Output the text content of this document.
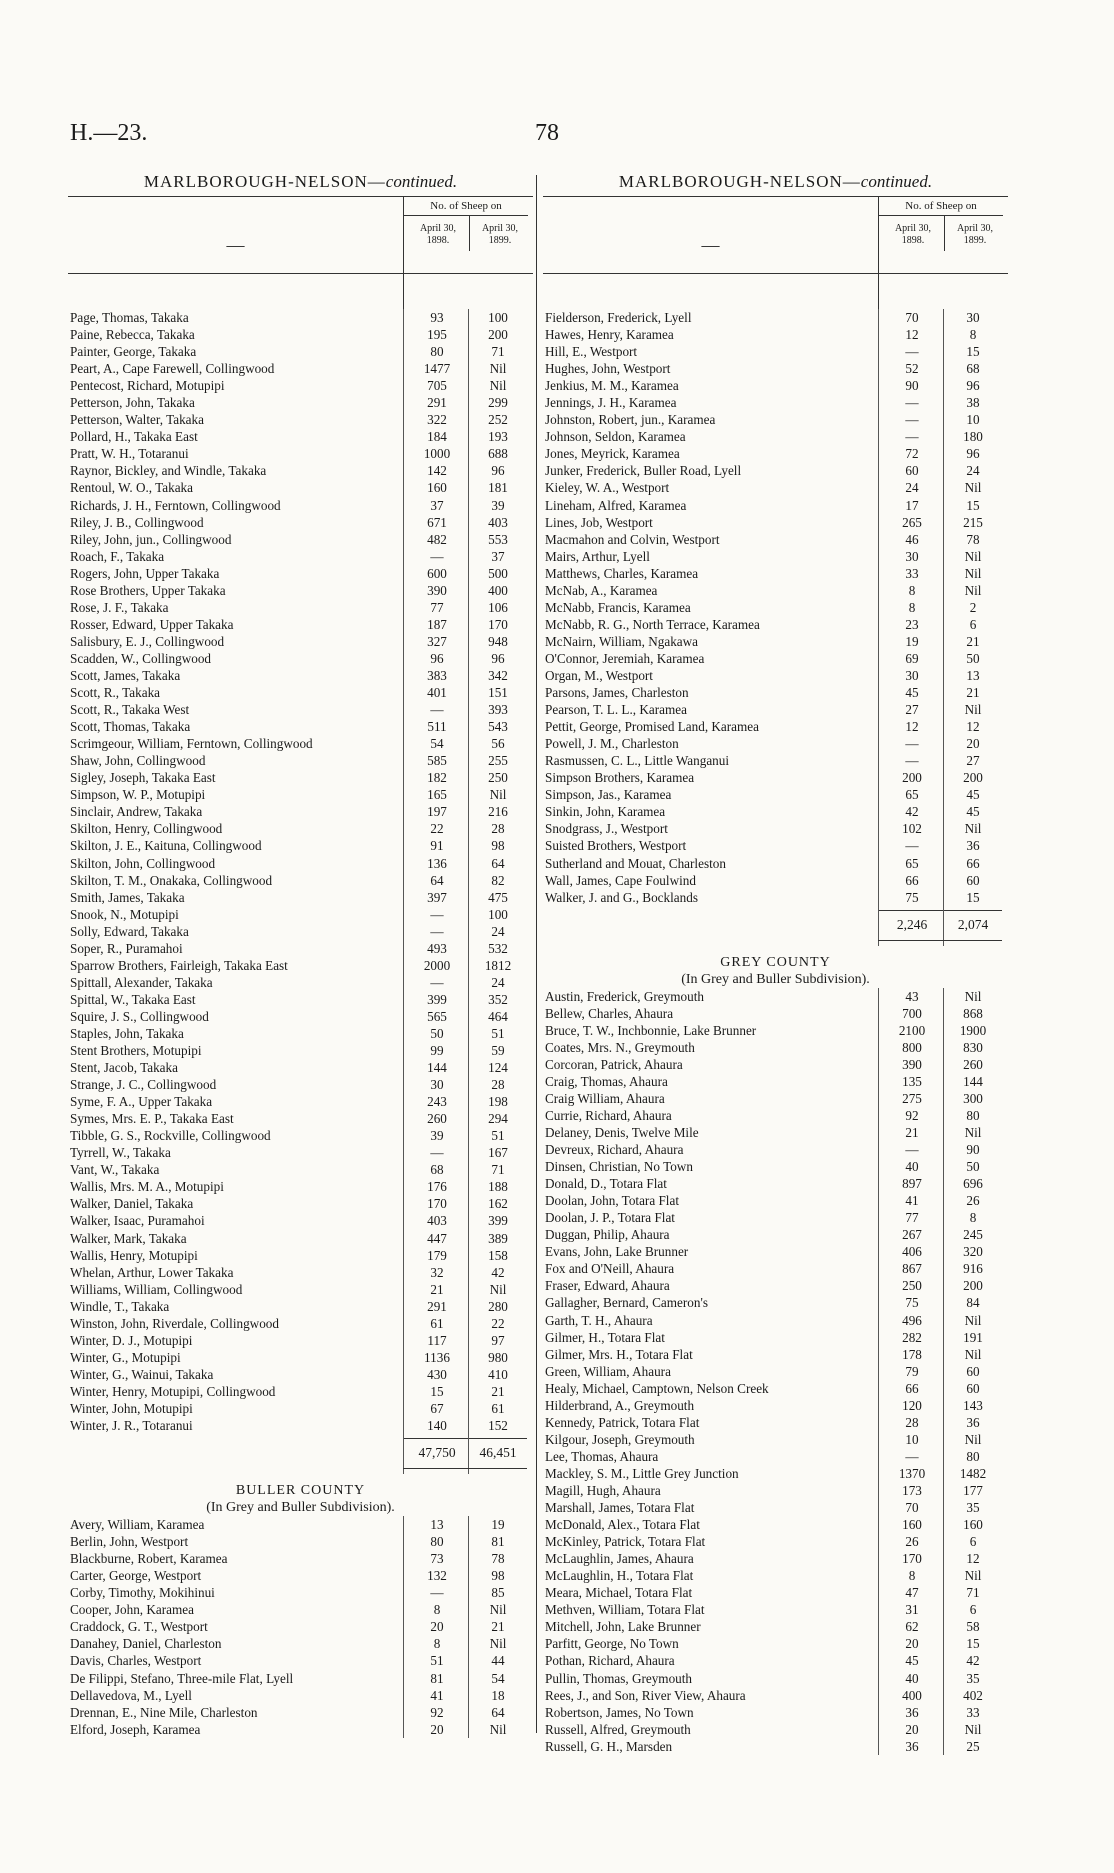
H.—23.	78
MARLBOROUGH-NELSON—continued.
—
No. of Sheep on
April 30,
1898.
April 30,
1899.
Page, Thomas, Takaka	93	100
Paine, Rebecca, Takaka	195	200
Painter, George, Takaka	80	71
Peart, A., Cape Farewell, Collingwood	1477	Nil
Pentecost, Richard, Motupipi	705	Nil
Petterson, John, Takaka	291	299
Petterson, Walter, Takaka	322	252
Pollard, H., Takaka East	184	193
Pratt, W. H., Totaranui	1000	688
Raynor, Bickley, and Windle, Takaka	142	96
Rentoul, W. O., Takaka	160	181
Richards, J. H., Ferntown, Collingwood	37	39
Riley, J. B., Collingwood	671	403
Riley, John, jun., Collingwood	482	553
Roach, F., Takaka	—	37
Rogers, John, Upper Takaka	600	500
Rose Brothers, Upper Takaka	390	400
Rose, J. F., Takaka	77	106
Rosser, Edward, Upper Takaka	187	170
Salisbury, E. J., Collingwood	327	948
Scadden, W., Collingwood	96	96
Scott, James, Takaka	383	342
Scott, R., Takaka	401	151
Scott, R., Takaka West	—	393
Scott, Thomas, Takaka	511	543
Scrimgeour, William, Ferntown, Collingwood	54	56
Shaw, John, Collingwood	585	255
Sigley, Joseph, Takaka East	182	250
Simpson, W. P., Motupipi	165	Nil
Sinclair, Andrew, Takaka	197	216
Skilton, Henry, Collingwood	22	28
Skilton, J. E., Kaituna, Collingwood	91	98
Skilton, John, Collingwood	136	64
Skilton, T. M., Onakaka, Collingwood	64	82
Smith, James, Takaka	397	475
Snook, N., Motupipi	—	100
Solly, Edward, Takaka	—	24
Soper, R., Puramahoi	493	532
Sparrow Brothers, Fairleigh, Takaka East	2000	1812
Spittall, Alexander, Takaka	—	24
Spittal, W., Takaka East	399	352
Squire, J. S., Collingwood	565	464
Staples, John, Takaka	50	51
Stent Brothers, Motupipi	99	59
Stent, Jacob, Takaka	144	124
Strange, J. C., Collingwood	30	28
Syme, F. A., Upper Takaka	243	198
Symes, Mrs. E. P., Takaka East	260	294
Tibble, G. S., Rockville, Collingwood	39	51
Tyrrell, W., Takaka	—	167
Vant, W., Takaka	68	71
Wallis, Mrs. M. A., Motupipi	176	188
Walker, Daniel, Takaka	170	162
Walker, Isaac, Puramahoi	403	399
Walker, Mark, Takaka	447	389
Wallis, Henry, Motupipi	179	158
Whelan, Arthur, Lower Takaka	32	42
Williams, William, Collingwood	21	Nil
Windle, T., Takaka	291	280
Winston, John, Riverdale, Collingwood	61	22
Winter, D. J., Motupipi	117	97
Winter, G., Motupipi	1136	980
Winter, G., Wainui, Takaka	430	410
Winter, Henry, Motupipi, Collingwood	15	21
Winter, John, Motupipi	67	61
Winter, J. R., Totaranui	140	152
47,750	46,451
BULLER COUNTY
(In Grey and Buller Subdivision).
Avery, William, Karamea	13	19
Berlin, John, Westport	80	81
Blackburne, Robert, Karamea	73	78
Carter, George, Westport	132	98
Corby, Timothy, Mokihinui	—	85
Cooper, John, Karamea	8	Nil
Craddock, G. T., Westport	20	21
Danahey, Daniel, Charleston	8	Nil
Davis, Charles, Westport	51	44
De Filippi, Stefano, Three-mile Flat, Lyell	81	54
Dellavedova, M., Lyell	41	18
Drennan, E., Nine Mile, Charleston	92	64
Elford, Joseph, Karamea	20	Nil
MARLBOROUGH-NELSON—continued.
—
No. of Sheep on
April 30,
1898.
April 30,
1899.
Fielderson, Frederick, Lyell	70	30
Hawes, Henry, Karamea	12	8
Hill, E., Westport	—	15
Hughes, John, Westport	52	68
Jenkius, M. M., Karamea	90	96
Jennings, J. H., Karamea	—	38
Johnston, Robert, jun., Karamea	—	10
Johnson, Seldon, Karamea	—	180
Jones, Meyrick, Karamea	72	96
Junker, Frederick, Buller Road, Lyell	60	24
Kieley, W. A., Westport	24	Nil
Lineham, Alfred, Karamea	17	15
Lines, Job, Westport	265	215
Macmahon and Colvin, Westport	46	78
Mairs, Arthur, Lyell	30	Nil
Matthews, Charles, Karamea	33	Nil
McNab, A., Karamea	8	Nil
McNabb, Francis, Karamea	8	2
McNabb, R. G., North Terrace, Karamea	23	6
McNairn, William, Ngakawa	19	21
O'Connor, Jeremiah, Karamea	69	50
Organ, M., Westport	30	13
Parsons, James, Charleston	45	21
Pearson, T. L. L., Karamea	27	Nil
Pettit, George, Promised Land, Karamea	12	12
Powell, J. M., Charleston	—	20
Rasmussen, C. L., Little Wanganui	—	27
Simpson Brothers, Karamea	200	200
Simpson, Jas., Karamea	65	45
Sinkin, John, Karamea	42	45
Snodgrass, J., Westport	102	Nil
Suisted Brothers, Westport	—	36
Sutherland and Mouat, Charleston	65	66
Wall, James, Cape Foulwind	66	60
Walker, J. and G., Bocklands	75	15
2,246	2,074
GREY COUNTY
(In Grey and Buller Subdivision).
Austin, Frederick, Greymouth	43	Nil
Bellew, Charles, Ahaura	700	868
Bruce, T. W., Inchbonnie, Lake Brunner	2100	1900
Coates, Mrs. N., Greymouth	800	830
Corcoran, Patrick, Ahaura	390	260
Craig, Thomas, Ahaura	135	144
Craig William, Ahaura	275	300
Currie, Richard, Ahaura	92	80
Delaney, Denis, Twelve Mile	21	Nil
Devreux, Richard, Ahaura	—	90
Dinsen, Christian, No Town	40	50
Donald, D., Totara Flat	897	696
Doolan, John, Totara Flat	41	26
Doolan, J. P., Totara Flat	77	8
Duggan, Philip, Ahaura	267	245
Evans, John, Lake Brunner	406	320
Fox and O'Neill, Ahaura	867	916
Fraser, Edward, Ahaura	250	200
Gallagher, Bernard, Cameron's	75	84
Garth, T. H., Ahaura	496	Nil
Gilmer, H., Totara Flat	282	191
Gilmer, Mrs. H., Totara Flat	178	Nil
Green, William, Ahaura	79	60
Healy, Michael, Camptown, Nelson Creek	66	60
Hilderbrand, A., Greymouth	120	143
Kennedy, Patrick, Totara Flat	28	36
Kilgour, Joseph, Greymouth	10	Nil
Lee, Thomas, Ahaura	—	80
Mackley, S. M., Little Grey Junction	1370	1482
Magill, Hugh, Ahaura	173	177
Marshall, James, Totara Flat	70	35
McDonald, Alex., Totara Flat	160	160
McKinley, Patrick, Totara Flat	26	6
McLaughlin, James, Ahaura	170	12
McLaughlin, H., Totara Flat	8	Nil
Meara, Michael, Totara Flat	47	71
Methven, William, Totara Flat	31	6
Mitchell, John, Lake Brunner	62	58
Parfitt, George, No Town	20	15
Pothan, Richard, Ahaura	45	42
Pullin, Thomas, Greymouth	40	35
Rees, J., and Son, River View, Ahaura	400	402
Robertson, James, No Town	36	33
Russell, Alfred, Greymouth	20	Nil
Russell, G. H., Marsden	36	25
